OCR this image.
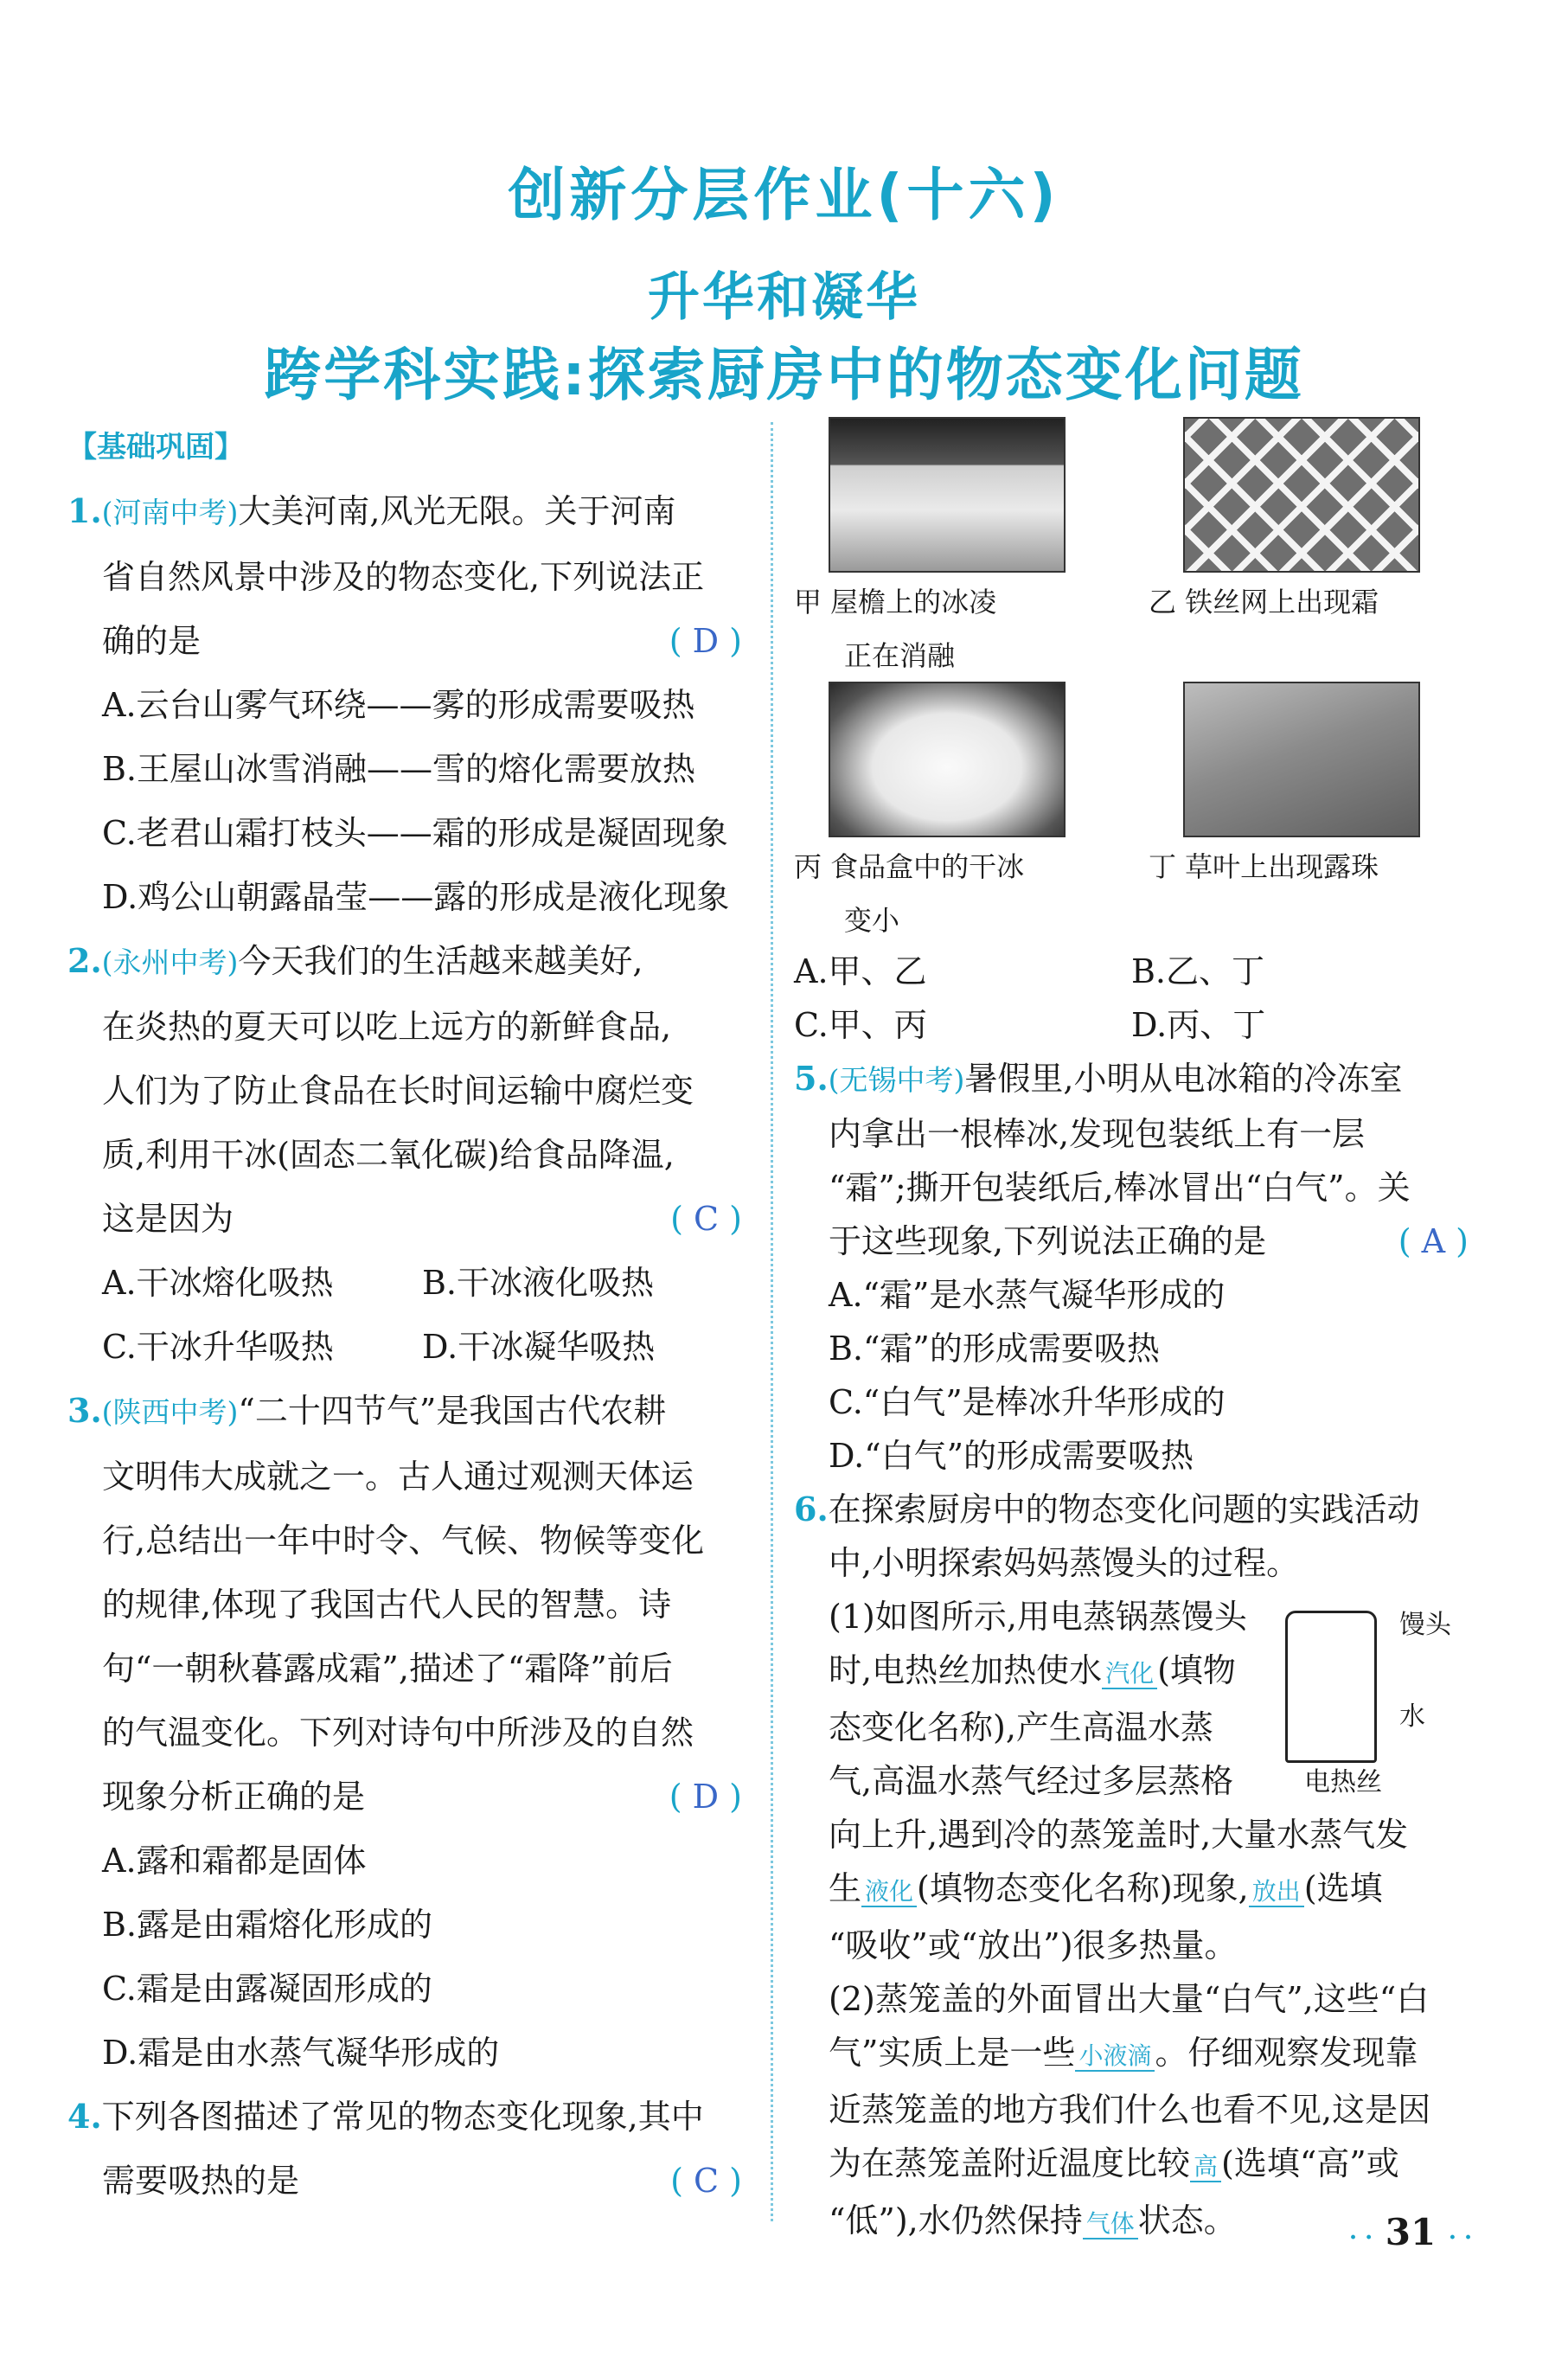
创新分层作业(十六)
升华和凝华
跨学科实践:探索厨房中的物态变化问题
【基础巩固】
1.(河南中考)大美河南,风光无限。关于河南
省自然风景中涉及的物态变化,下列说法正
确的是	( D )
A.云台山雾气环绕——雾的形成需要吸热
B.王屋山冰雪消融——雪的熔化需要放热
C.老君山霜打枝头——霜的形成是凝固现象
D.鸡公山朝露晶莹——露的形成是液化现象
2.(永州中考)今天我们的生活越来越美好,
在炎热的夏天可以吃上远方的新鲜食品,
人们为了防止食品在长时间运输中腐烂变
质,利用干冰(固态二氧化碳)给食品降温,
这是因为	( C )
A.干冰熔化吸热	B.干冰液化吸热
C.干冰升华吸热	D.干冰凝华吸热
3.(陕西中考)“二十四节气”是我国古代农耕
文明伟大成就之一。古人通过观测天体运
行,总结出一年中时令、气候、物候等变化
的规律,体现了我国古代人民的智慧。诗
句“一朝秋暮露成霜”,描述了“霜降”前后
的气温变化。下列对诗句中所涉及的自然
现象分析正确的是	( D )
A.露和霜都是固体
B.露是由霜熔化形成的
C.霜是由露凝固形成的
D.霜是由水蒸气凝华形成的
4.下列各图描述了常见的物态变化现象,其中
需要吸热的是	( C )
甲 屋檐上的冰凌
正在消融
乙 铁丝网上出现霜
丙 食品盒中的干冰
变小
丁 草叶上出现露珠
A.甲、乙	B.乙、丁
C.甲、丙	D.丙、丁
5.(无锡中考)暑假里,小明从电冰箱的冷冻室
内拿出一根棒冰,发现包装纸上有一层
“霜”;撕开包装纸后,棒冰冒出“白气”。关
于这些现象,下列说法正确的是	( A )
A.“霜”是水蒸气凝华形成的
B.“霜”的形成需要吸热
C.“白气”是棒冰升华形成的
D.“白气”的形成需要吸热
6.在探索厨房中的物态变化问题的实践活动
中,小明探索妈妈蒸馒头的过程。
馒头
水
电热丝
(1)如图所示,用电蒸锅蒸馒头
时,电热丝加热使水 汽化 (填物
态变化名称),产生高温水蒸
气,高温水蒸气经过多层蒸格
向上升,遇到冷的蒸笼盖时,大量水蒸气发
生 液化 (填物态变化名称)现象, 放出 (选填
“吸收”或“放出”)很多热量。
(2)蒸笼盖的外面冒出大量“白气”,这些“白
气”实质上是一些 小液滴 。仔细观察发现靠
近蒸笼盖的地方我们什么也看不见,这是因
为在蒸笼盖附近温度比较 高 (选填“高”或
“低”),水仍然保持 气体 状态。	· · 31 · ·
